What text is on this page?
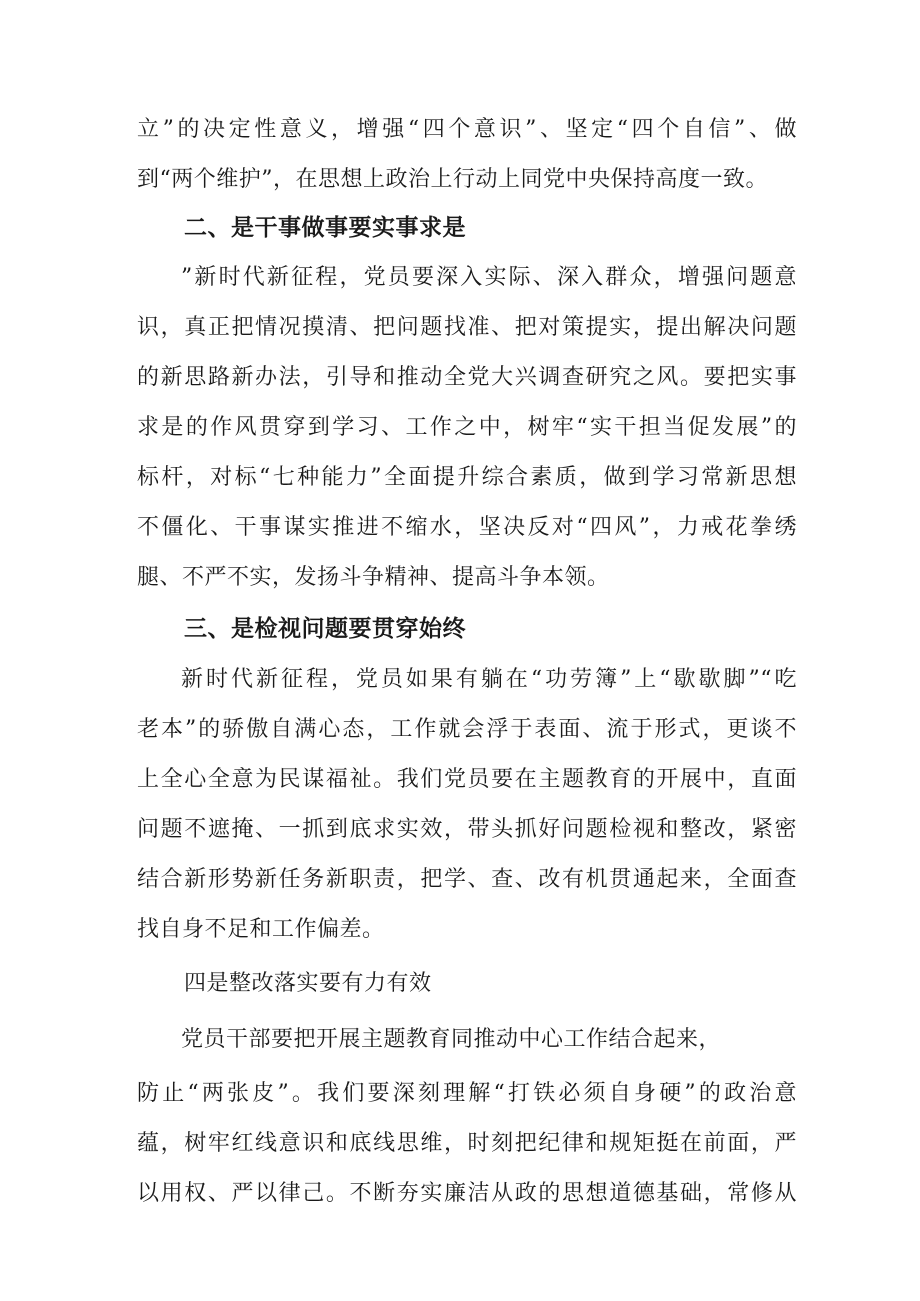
立”的决定性意义，增强“四个意识”、坚定“四个自信”、做
到“两个维护”，在思想上政治上行动上同党中央保持高度一致。
二、是干事做事要实事求是
”新时代新征程，党员要深入实际、深入群众，增强问题意
识，真正把情况摸清、把问题找准、把对策提实，提出解决问题
的新思路新办法，引导和推动全党大兴调查研究之风。要把实事
求是的作风贯穿到学习、工作之中，树牢“实干担当促发展”的
标杆，对标“七种能力”全面提升综合素质，做到学习常新思想
不僵化、干事谋实推进不缩水，坚决反对“四风”，力戒花拳绣
腿、不严不实，发扬斗争精神、提高斗争本领。
三、是检视问题要贯穿始终
新时代新征程，党员如果有躺在“功劳簿”上“歇歇脚”“吃
老本”的骄傲自满心态，工作就会浮于表面、流于形式，更谈不
上全心全意为民谋福祉。我们党员要在主题教育的开展中，直面
问题不遮掩、一抓到底求实效，带头抓好问题检视和整改，紧密
结合新形势新任务新职责，把学、查、改有机贯通起来，全面查
找自身不足和工作偏差。
四是整改落实要有力有效
党员干部要把开展主题教育同推动中心工作结合起来，
防止“两张皮”。我们要深刻理解“打铁必须自身硬”的政治意
蕴，树牢红线意识和底线思维，时刻把纪律和规矩挺在前面，严
以用权、严以律己。不断夯实廉洁从政的思想道德基础，常修从
